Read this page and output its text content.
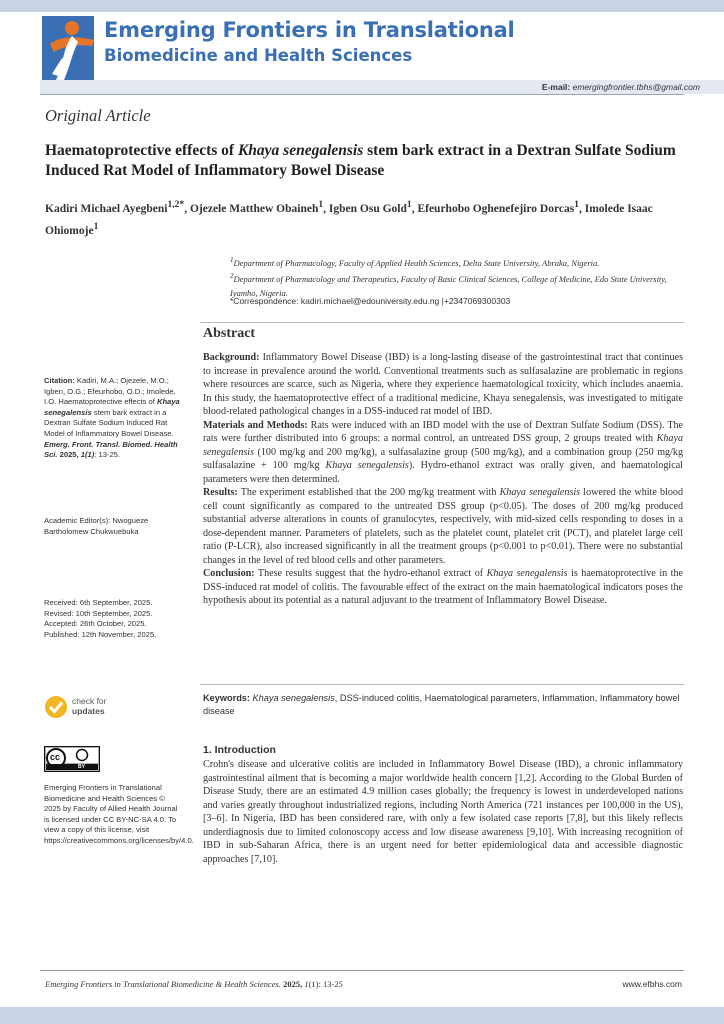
Emerging Frontiers in Translational
Biomedicine and Health Sciences
E-mail: emergingfrontier.tbhs@gmail.com
Original Article
Haematoprotective effects of Khaya senegalensis stem bark extract in a Dextran Sulfate Sodium Induced Rat Model of Inflammatory Bowel Disease
Kadiri Michael Ayegbeni$^{1,2*}$, Ojezele Matthew Obaineh$^1$, Igben Osu Gold$^1$, Efeurhobo Oghenefejiro Dorcas$^1$, Imolede Isaac Ohiomoje$^1$
$^1$Department of Pharmacology, Faculty of Applied Health Sciences, Delta State University, Abraka, Nigeria.
$^2$Department of Pharmacology and Therapeutics, Faculty of Basic Clinical Sciences, College of Medicine, Edo State University, Iyamho, Nigeria.
*Correspondence: kadiri.michael@edouniversity.edu.ng |+2347069300303
Abstract

Background: Inflammatory Bowel Disease (IBD) is a long-lasting disease of the gastrointestinal tract that continues to increase in prevalence around the world. Conventional treatments such as sulfasalazine are problematic in regions where resources are scarce, such as Nigeria, where they experience haematological toxicity, which includes anaemia. In this study, the haematoprotective effect of a traditional medicine, Khaya senegalensis, was investigated to mitigate blood-related pathological changes in a DSS-induced rat model of IBD.

Materials and Methods: Rats were induced with an IBD model with the use of Dextran Sulfate Sodium (DSS). The rats were further distributed into 6 groups: a normal control, an untreated DSS group, 2 groups treated with Khaya senegalensis (100 mg/kg and 200 mg/kg), a sulfasalazine group (500 mg/kg), and a combination group (250 mg/kg sulfasalazine + 100 mg/kg Khaya senegalensis). Hydro-ethanol extract was orally given, and haematological parameters were then determined.

Results: The experiment established that the 200 mg/kg treatment with Khaya senegalensis lowered the white blood cell count significantly as compared to the untreated DSS group (p<0.05). The doses of 200 mg/kg produced substantial adverse alterations in counts of granulocytes, respectively, with mid-sized cells responding to doses in a dose-dependent manner. Parameters of platelets, such as the platelet count, platelet crit (PCT), and platelet large cell ratio (P-LCR), also increased significantly in all the treatment groups (p<0.001 to p<0.01). There were no substantial changes in the level of red blood cells and other parameters.

Conclusion: These results suggest that the hydro-ethanol extract of Khaya senegalensis is haematoprotective in the DSS-induced rat model of colitis. The favourable effect of the extract on the main haematological indicators poses the hypothesis about its potential as a natural adjuvant to the treatment of Inflammatory Bowel Disease.

Keywords: Khaya senegalensis, DSS-induced colitis, Haematological parameters, Inflammation, Inflammatory bowel disease
Citation: Kadiri, M.A.; Ojezele, M.O.; Igben, O.G.; Efeurhobo, O.D.; Imolede, I.O. Haematoprotective effects of Khaya senegalensis stem bark extract in a Dextran Sulfate Sodium Induced Rat Model of Inflammatory Bowel Disease. Emerg. Front. Transl. Biomed. Health Sci. 2025, 1(1): 13-25.
Academic Editor(s): Nwogueze Bartholomew Chukwuebuka
Received: 6th September, 2025.
Revised: 10th September, 2025.
Accepted: 26th October, 2025.
Published: 12th November, 2025.
check for
updates
cc
BY
Emerging Frontiers in Translational Biomedicine and Health Sciences © 2025 by Faculty of Allied Health Journal is licensed under CC BY-NC-SA 4.0. To view a copy of this license, visit https://creativecommons.org/licenses/by/4.0.
1. Introduction
Crohn's disease and ulcerative colitis are included in Inflammatory Bowel Disease (IBD), a chronic inflammatory gastrointestinal ailment that is becoming a major worldwide health concern [1,2]. According to the Global Burden of Disease Study, there are an estimated 4.9 million cases globally; the frequency is lowest in underdeveloped nations and varies greatly throughout industrialized regions, including North America (721 instances per 100,000 in the US), [3–6]. In Nigeria, IBD has been considered rare, with only a few isolated case reports [7,8], but this likely reflects underdiagnosis due to limited colonoscopy access and low disease awareness [9,10]. With increasing recognition of IBD in sub-Saharan Africa, there is an urgent need for better epidemiological data and accessible diagnostic approaches [7,10].
Emerging Frontiers in Translational Biomedicine & Health Sciences. 2025, 1(1): 13-25	www.efbhs.com
